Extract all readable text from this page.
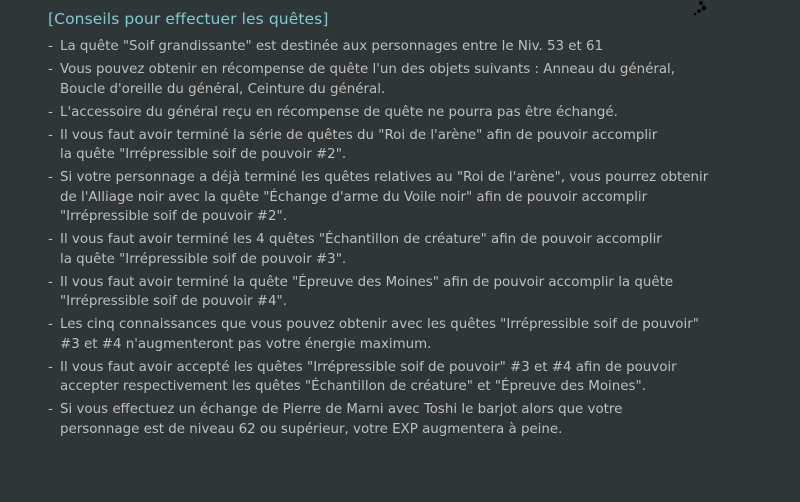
[Conseils pour effectuer les quêtes]
- La quête "Soif grandissante" est destinée aux personnages entre le Niv. 53 et 61
- Vous pouvez obtenir en récompense de quête l'un des objets suivants : Anneau du général,
Boucle d'oreille du général, Ceinture du général.
- L'accessoire du général reçu en récompense de quête ne pourra pas être échangé.
- Il vous faut avoir terminé la série de quêtes du "Roi de l'arène" afin de pouvoir accomplir
la quête "Irrépressible soif de pouvoir #2".
- Si votre personnage a déjà terminé les quêtes relatives au "Roi de l'arène", vous pourrez obtenir
de l'Alliage noir avec la quête "Échange d'arme du Voile noir" afin de pouvoir accomplir
"Irrépressible soif de pouvoir #2".
- Il vous faut avoir terminé les 4 quêtes "Échantillon de créature" afin de pouvoir accomplir
la quête "Irrépressible soif de pouvoir #3".
- Il vous faut avoir terminé la quête "Épreuve des Moines" afin de pouvoir accomplir la quête
"Irrépressible soif de pouvoir #4".
- Les cinq connaissances que vous pouvez obtenir avec les quêtes "Irrépressible soif de pouvoir"
#3 et #4 n'augmenteront pas votre énergie maximum.
- Il vous faut avoir accepté les quêtes "Irrépressible soif de pouvoir" #3 et #4 afin de pouvoir
accepter respectivement les quêtes "Échantillon de créature" et "Épreuve des Moines".
- Si vous effectuez un échange de Pierre de Marni avec Toshi le barjot alors que votre
personnage est de niveau 62 ou supérieur, votre EXP augmentera à peine.
